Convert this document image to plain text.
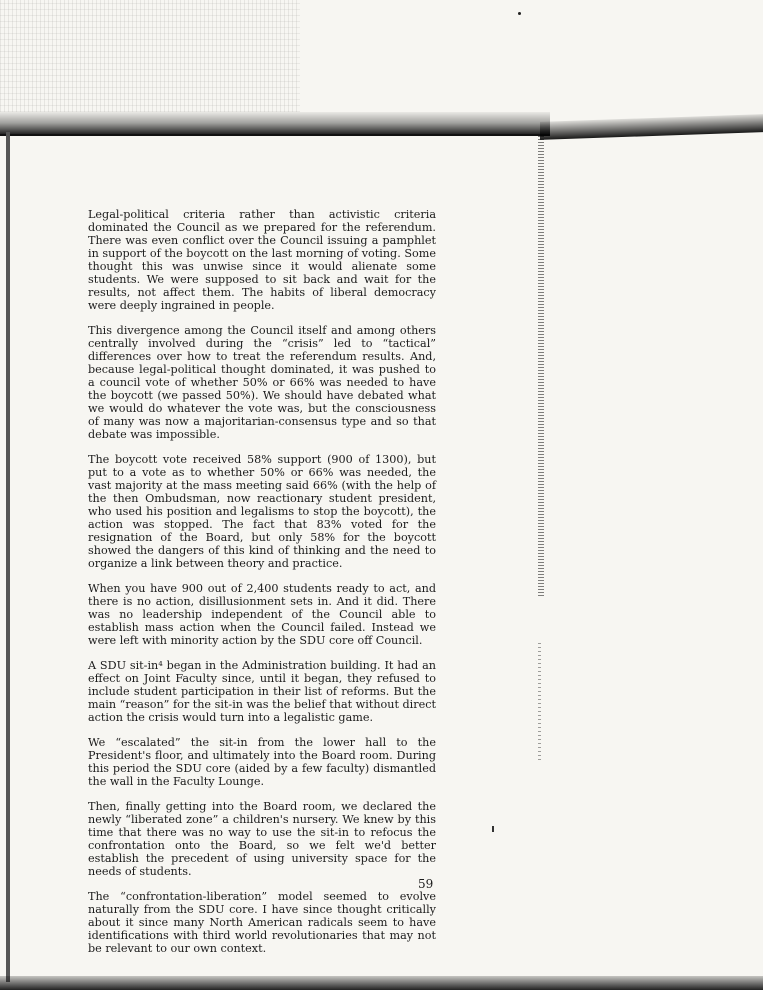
Legal-political criteria rather than activistic criteria dominated the Council as we prepared for the referendum. There was even conflict over the Council issuing a pamphlet in support of the boycott on the last morning of voting. Some thought this was unwise since it would alienate some students. We were supposed to sit back and wait for the results, not affect them. The habits of liberal democracy were deeply ingrained in people.

This divergence among the Council itself and among others centrally involved during the “crisis” led to “tactical” differences over how to treat the referendum results. And, because legal-political thought dominated, it was pushed to a council vote of whether 50% or 66% was needed to have the boycott (we passed 50%). We should have debated what we would do whatever the vote was, but the consciousness of many was now a majoritarian-consensus type and so that debate was impossible.

The boycott vote received 58% support (900 of 1300), but put to a vote as to whether 50% or 66% was needed, the vast majority at the mass meeting said 66% (with the help of the then Ombudsman, now reactionary student president, who used his position and legalisms to stop the boycott), the action was stopped. The fact that 83% voted for the resignation of the Board, but only 58% for the boycott showed the dangers of this kind of thinking and the need to organize a link between theory and practice.

When you have 900 out of 2,400 students ready to act, and there is no action, disillusionment sets in. And it did. There was no leadership independent of the Council able to establish mass action when the Council failed. Instead we were left with minority action by the SDU core off Council.

A SDU sit-in⁴ began in the Administration building. It had an effect on Joint Faculty since, until it began, they refused to include student participation in their list of reforms. But the main “reason” for the sit-in was the belief that without direct action the crisis would turn into a legalistic game.

We “escalated” the sit-in from the lower hall to the President's floor, and ultimately into the Board room. During this period the SDU core (aided by a few faculty) dismantled the wall in the Faculty Lounge.

Then, finally getting into the Board room, we declared the newly “liberated zone” a children's nursery. We knew by this time that there was no way to use the sit-in to refocus the confrontation onto the Board, so we felt we'd better establish the precedent of using university space for the needs of students.

The “confrontation-liberation” model seemed to evolve naturally from the SDU core. I have since thought critically about it since many North American radicals seem to have identifications with third world revolutionaries that may not be relevant to our own context.

59
